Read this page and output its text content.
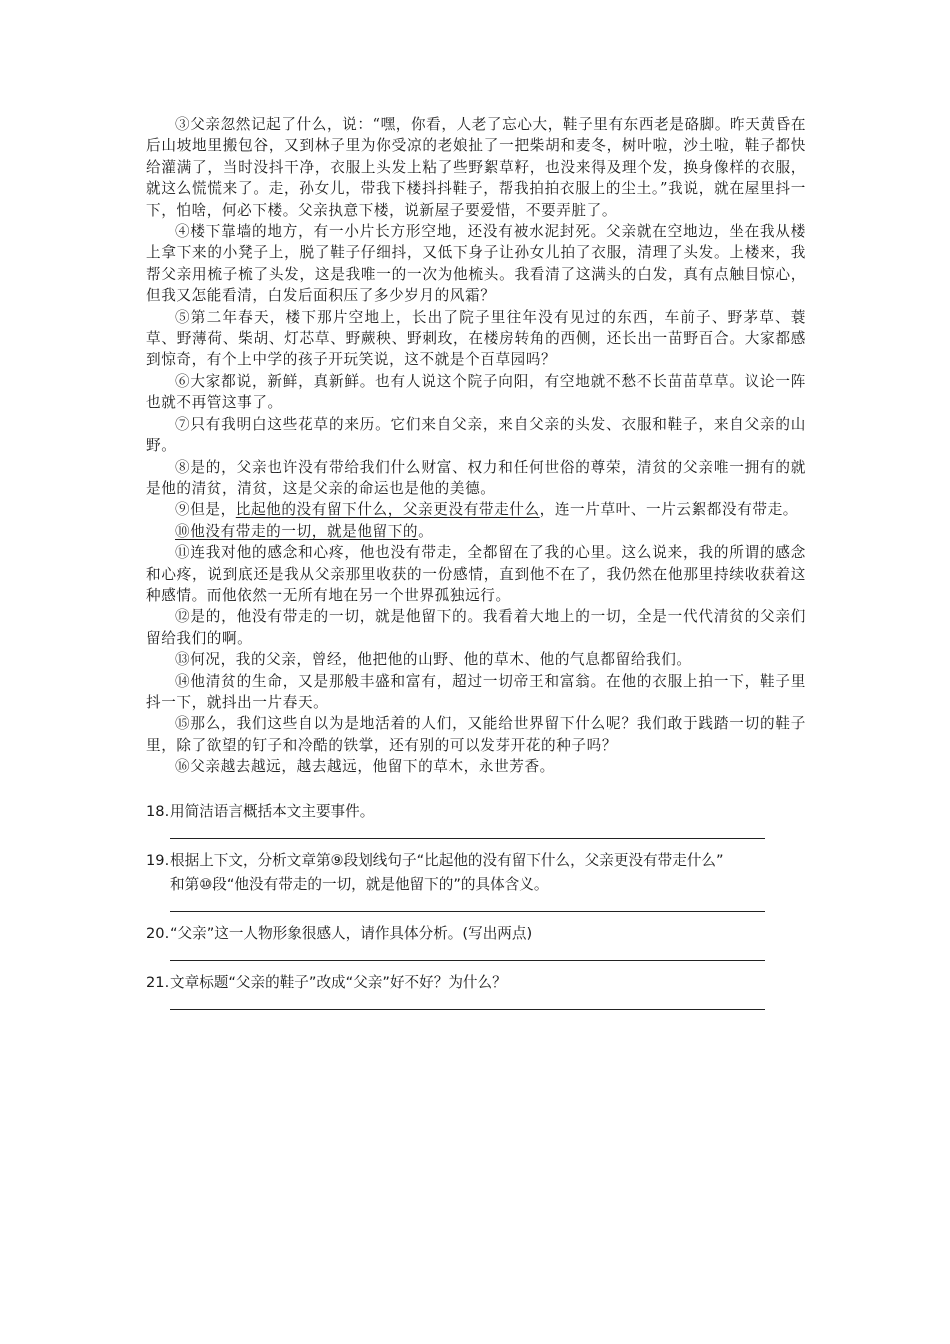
③父亲忽然记起了什么，说：“嘿，你看，人老了忘心大，鞋子里有东西老是硌脚。昨天黄昏在后山坡地里搬包谷，又到林子里为你受凉的老娘扯了一把柴胡和麦冬，树叶啦，沙土啦，鞋子都快给灌满了，当时没抖干净，衣服上头发上粘了些野絮草籽，也没来得及理个发，换身像样的衣服，就这么慌慌来了。走，孙女儿，带我下楼抖抖鞋子，帮我拍拍衣服上的尘土。”我说，就在屋里抖一下，怕啥，何必下楼。父亲执意下楼，说新屋子要爱惜，不要弄脏了。

④楼下靠墙的地方，有一小片长方形空地，还没有被水泥封死。父亲就在空地边，坐在我从楼上拿下来的小凳子上，脱了鞋子仔细抖，又低下身子让孙女儿拍了衣服，清理了头发。上楼来，我帮父亲用梳子梳了头发，这是我唯一的一次为他梳头。我看清了这满头的白发，真有点触目惊心，但我又怎能看清，白发后面积压了多少岁月的风霜？

⑤第二年春天，楼下那片空地上，长出了院子里往年没有见过的东西，车前子、野茅草、蓑草、野薄荷、柴胡、灯芯草、野蕨秧、野刺玫，在楼房转角的西侧，还长出一苗野百合。大家都感到惊奇，有个上中学的孩子开玩笑说，这不就是个百草园吗？

⑥大家都说，新鲜，真新鲜。也有人说这个院子向阳，有空地就不愁不长苗苗草草。议论一阵也就不再管这事了。

⑦只有我明白这些花草的来历。它们来自父亲，来自父亲的头发、衣服和鞋子，来自父亲的山野。

⑧是的，父亲也许没有带给我们什么财富、权力和任何世俗的尊荣，清贫的父亲唯一拥有的就是他的清贫，清贫，这是父亲的命运也是他的美德。

⑨但是，比起他的没有留下什么，父亲更没有带走什么，连一片草叶、一片云絮都没有带走。

⑩他没有带走的一切，就是他留下的。

⑪连我对他的感念和心疼，他也没有带走，全都留在了我的心里。这么说来，我的所谓的感念和心疼，说到底还是我从父亲那里收获的一份感情，直到他不在了，我仍然在他那里持续收获着这种感情。而他依然一无所有地在另一个世界孤独远行。

⑫是的，他没有带走的一切，就是他留下的。我看着大地上的一切，全是一代代清贫的父亲们留给我们的啊。

⑬何况，我的父亲，曾经，他把他的山野、他的草木、他的气息都留给我们。

⑭他清贫的生命，又是那般丰盛和富有，超过一切帝王和富翁。在他的衣服上拍一下，鞋子里抖一下，就抖出一片春天。

⑮那么，我们这些自以为是地活着的人们，又能给世界留下什么呢？我们敢于践踏一切的鞋子里，除了欲望的钉子和冷酷的铁掌，还有别的可以发芽开花的种子吗？

⑯父亲越去越远，越去越远，他留下的草木，永世芳香。

18.用简洁语言概括本文主要事件。

19.根据上下文，分析文章第⑨段划线句子“比起他的没有留下什么，父亲更没有带走什么”
和第⑩段“他没有带走的一切，就是他留下的”的具体含义。

20.“父亲”这一人物形象很感人，请作具体分析。(写出两点)

21.文章标题“父亲的鞋子”改成“父亲”好不好？为什么？
